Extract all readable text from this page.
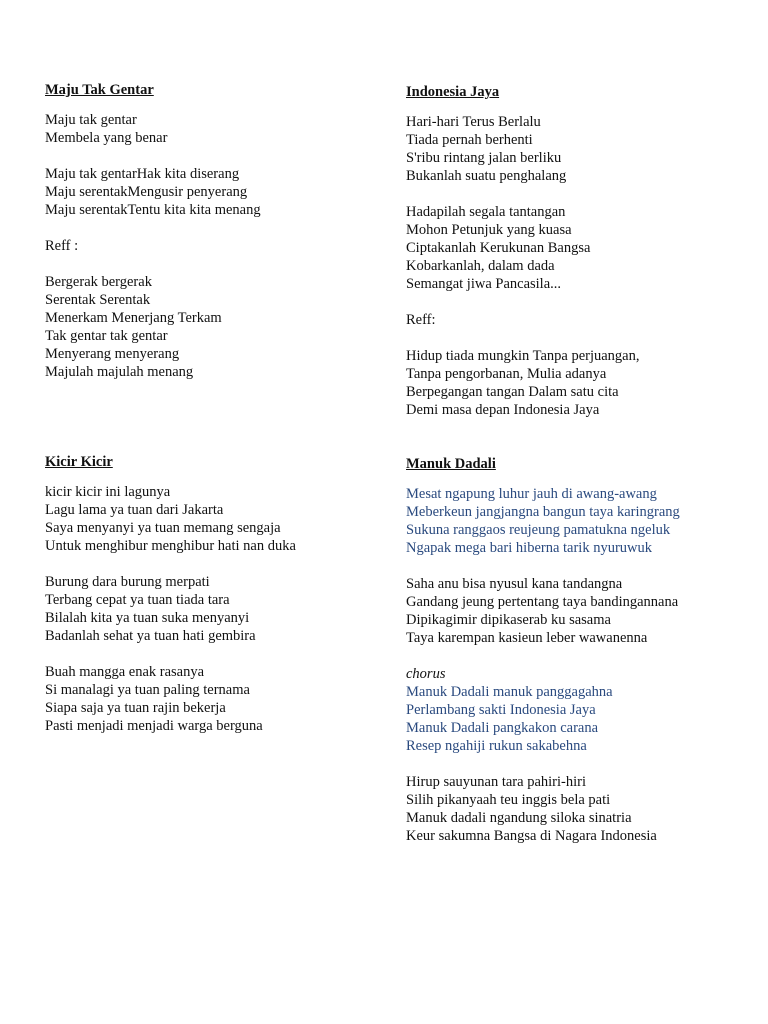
Maju Tak Gentar
Maju tak gentar
Membela yang benar
Maju tak gentarHak kita diserang
Maju serentakMengusir penyerang
Maju serentakTentu kita kita menang
Reff :
Bergerak bergerak
Serentak Serentak
Menerkam Menerjang Terkam
Tak gentar tak gentar
Menyerang menyerang
Majulah majulah menang
Indonesia Jaya
Hari-hari Terus Berlalu
Tiada pernah berhenti
S'ribu rintang jalan berliku
Bukanlah suatu penghalang
Hadapilah segala tantangan
Mohon Petunjuk yang kuasa
Ciptakanlah Kerukunan Bangsa
Kobarkanlah, dalam dada
Semangat jiwa Pancasila...
Reff:
Hidup tiada mungkin Tanpa perjuangan,
Tanpa pengorbanan, Mulia adanya
Berpegangan tangan Dalam satu cita
Demi masa depan Indonesia Jaya
Kicir Kicir
kicir kicir ini lagunya
Lagu lama ya tuan dari Jakarta
Saya menyanyi ya tuan memang sengaja
Untuk menghibur menghibur hati nan duka
Burung dara burung merpati
Terbang cepat ya tuan tiada tara
Bilalah kita ya tuan suka menyanyi
Badanlah sehat ya tuan hati gembira
Buah mangga enak rasanya
Si manalagi ya tuan paling ternama
Siapa saja ya tuan rajin bekerja
Pasti menjadi menjadi warga berguna
Manuk Dadali
Mesat ngapung luhur jauh di awang-awang
Meberkeun jangjangna bangun taya karingrang
Sukuna ranggaos reujeung pamatukna ngeluk
Ngapak mega bari hiberna tarik nyuruwuk
Saha anu bisa nyusul kana tandangna
Gandang jeung pertentang taya bandingannana
Dipikagimir dipikaserab ku sasama
Taya karempan kasieun leber wawanenna
chorus
Manuk Dadali manuk panggagahna
Perlambang sakti Indonesia Jaya
Manuk Dadali pangkakon carana
Resep ngahiji rukun sakabehna
Hirup sauyunan tara pahiri-hiri
Silih pikanyaah teu inggis bela pati
Manuk dadali ngandung siloka sinatria
Keur sakumna Bangsa di Nagara Indonesia
